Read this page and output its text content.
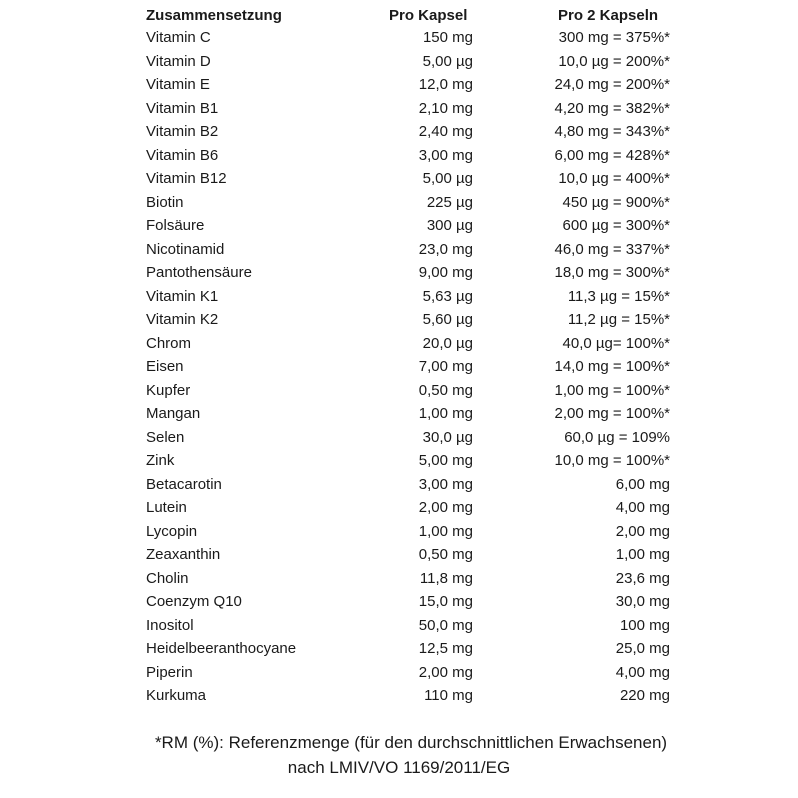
Zusammensetzung	Pro Kapsel	Pro 2 Kapseln
Vitamin C	150 mg	300 mg = 375%*
Vitamin D	5,00 µg	10,0 µg = 200%*
Vitamin E	12,0 mg	24,0 mg = 200%*
Vitamin B1	2,10 mg	4,20 mg = 382%*
Vitamin B2	2,40 mg	4,80 mg = 343%*
Vitamin B6	3,00 mg	6,00 mg = 428%*
Vitamin B12	5,00 µg	10,0 µg = 400%*
Biotin	225 µg	450 µg = 900%*
Folsäure	300 µg	600 µg = 300%*
Nicotinamid	23,0 mg	46,0 mg = 337%*
Pantothensäure	9,00 mg	18,0 mg = 300%*
Vitamin K1	5,63 µg	11,3 µg = 15%*
Vitamin K2	5,60 µg	11,2 µg = 15%*
Chrom	20,0 µg	40,0 µg= 100%*
Eisen	7,00 mg	14,0 mg = 100%*
Kupfer	0,50 mg	1,00 mg = 100%*
Mangan	1,00 mg	2,00 mg = 100%*
Selen	30,0 µg	60,0 µg = 109%
Zink	5,00 mg	10,0 mg = 100%*
Betacarotin	3,00 mg	6,00 mg
Lutein	2,00 mg	4,00 mg
Lycopin	1,00 mg	2,00 mg
Zeaxanthin	0,50 mg	1,00 mg
Cholin	11,8 mg	23,6 mg
Coenzym Q10	15,0 mg	30,0 mg
Inositol	50,0 mg	100 mg
Heidelbeeranthocyane	12,5 mg	25,0 mg
Piperin	2,00 mg	4,00 mg
Kurkuma	110 mg	220 mg
*RM (%): Referenzmenge (für den durchschnittlichen Erwachsenen)
nach LMIV/VO 1169/2011/EG
